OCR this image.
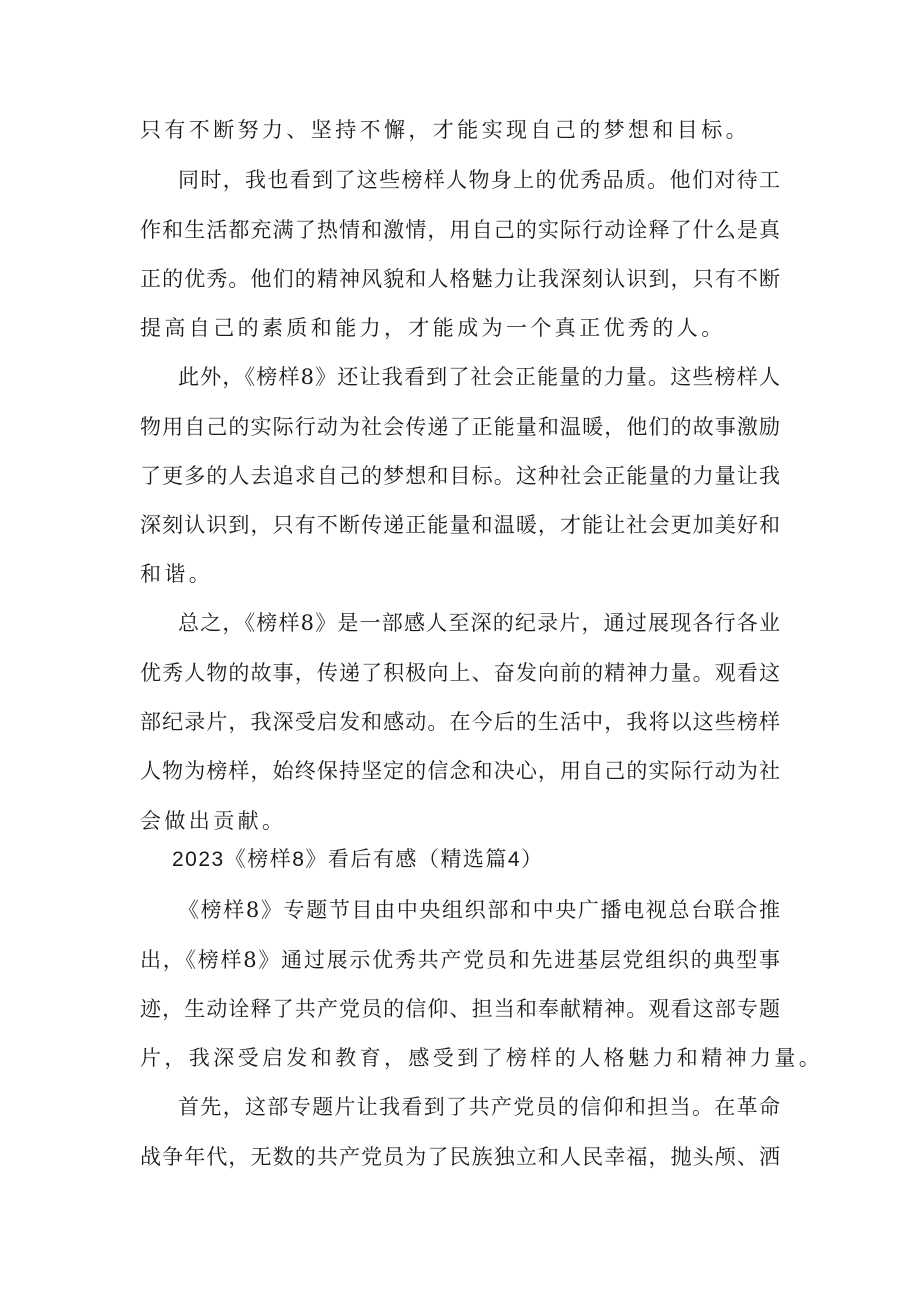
只有不断努力、坚持不懈，才能实现自己的梦想和目标。
同时，我也看到了这些榜样人物身上的优秀品质。他们对待工
作和生活都充满了热情和激情，用自己的实际行动诠释了什么是真
正的优秀。他们的精神风貌和人格魅力让我深刻认识到，只有不断
提高自己的素质和能力，才能成为一个真正优秀的人。
此外，《榜样8》还让我看到了社会正能量的力量。这些榜样人
物用自己的实际行动为社会传递了正能量和温暖，他们的故事激励
了更多的人去追求自己的梦想和目标。这种社会正能量的力量让我
深刻认识到，只有不断传递正能量和温暖，才能让社会更加美好和
和谐。
总之，《榜样8》是一部感人至深的纪录片，通过展现各行各业
优秀人物的故事，传递了积极向上、奋发向前的精神力量。观看这
部纪录片，我深受启发和感动。在今后的生活中，我将以这些榜样
人物为榜样，始终保持坚定的信念和决心，用自己的实际行动为社
会做出贡献。
2023《榜样8》看后有感（精选篇4）
《榜样8》专题节目由中央组织部和中央广播电视总台联合推
出，《榜样8》通过展示优秀共产党员和先进基层党组织的典型事
迹，生动诠释了共产党员的信仰、担当和奉献精神。观看这部专题
片，我深受启发和教育，感受到了榜样的人格魅力和精神力量。
首先，这部专题片让我看到了共产党员的信仰和担当。在革命
战争年代，无数的共产党员为了民族独立和人民幸福，抛头颅、洒
